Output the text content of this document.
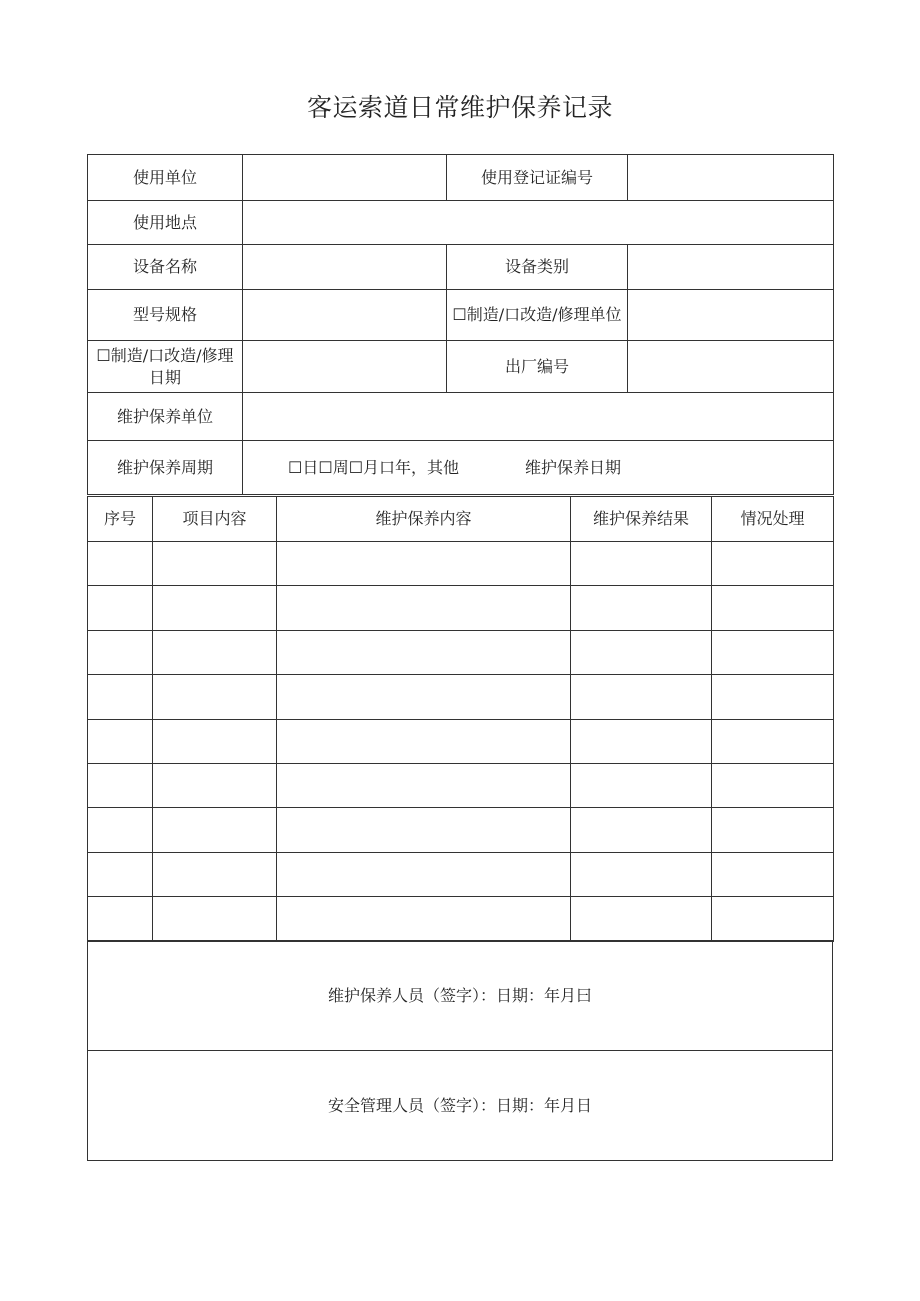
客运索道日常维护保养记录
使用单位		使用登记证编号	
使用地点			
设备名称		设备类别	
型号规格		☐制造/口改造/修理单位	
☐制造/口改造/修理日期		出厂编号	
维护保养单位			
维护保养周期	☐日☐周☐月口年，其他 维护保养日期		
序号	项目内容	维护保养内容	维护保养结果	情况处理

维护保养人员（签字）：日期：年月曰
安全管理人员（签字）：日期：年月日
